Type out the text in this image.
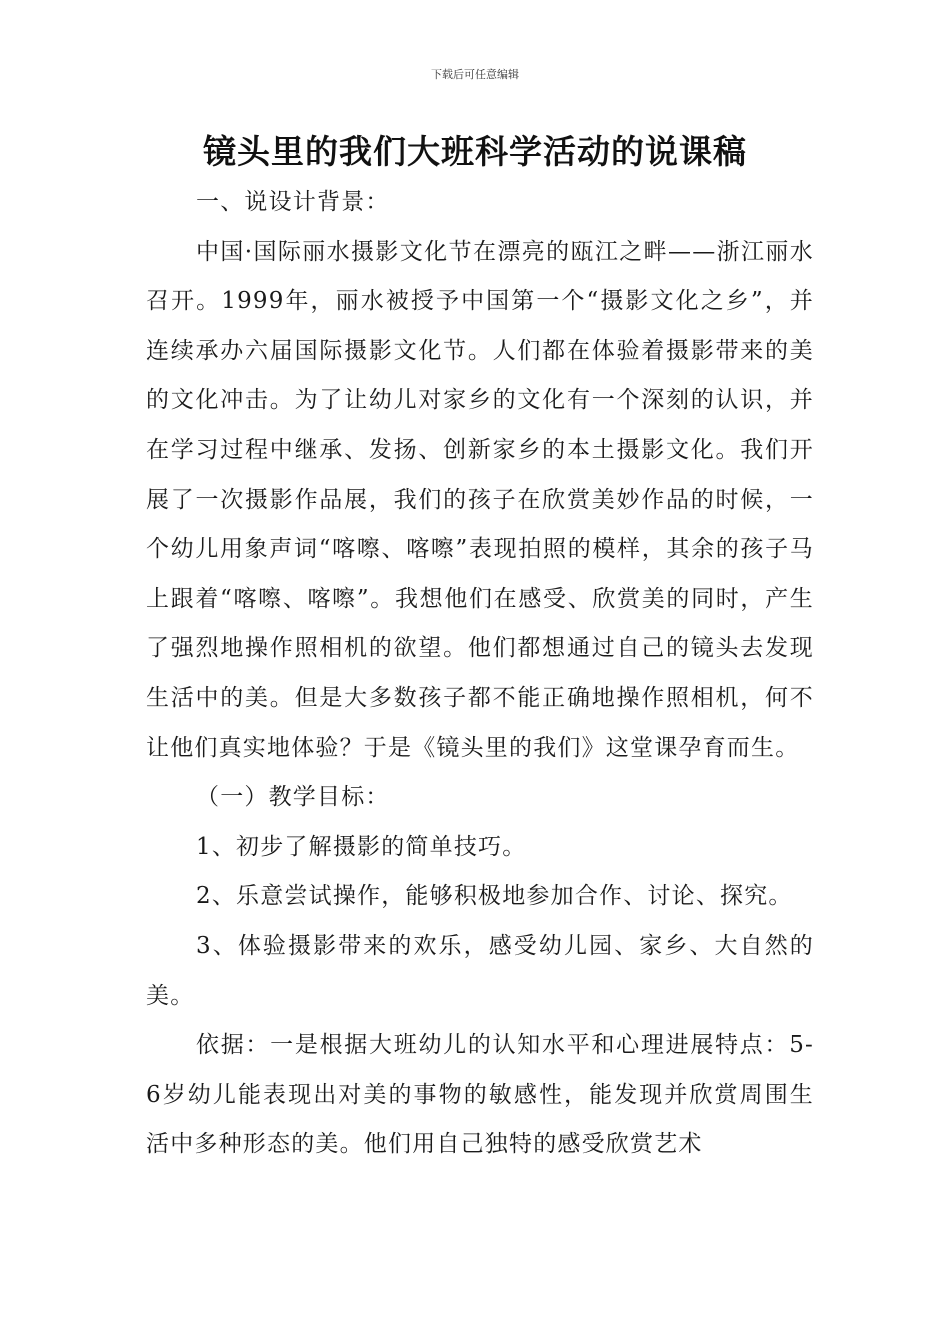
下载后可任意编辑
镜头里的我们大班科学活动的说课稿

一、说设计背景：

中国·国际丽水摄影文化节在漂亮的瓯江之畔——浙江丽水召开。1999年，丽水被授予中国第一个“摄影文化之乡”，并连续承办六届国际摄影文化节。人们都在体验着摄影带来的美的文化冲击。为了让幼儿对家乡的文化有一个深刻的认识，并在学习过程中继承、发扬、创新家乡的本土摄影文化。我们开展了一次摄影作品展，我们的孩子在欣赏美妙作品的时候，一个幼儿用象声词“喀嚓、喀嚓”表现拍照的模样，其余的孩子马上跟着“喀嚓、喀嚓”。我想他们在感受、欣赏美的同时，产生了强烈地操作照相机的欲望。他们都想通过自己的镜头去发现生活中的美。但是大多数孩子都不能正确地操作照相机，何不让他们真实地体验？于是《镜头里的我们》这堂课孕育而生。

（一）教学目标：

1、初步了解摄影的简单技巧。

2、乐意尝试操作，能够积极地参加合作、讨论、探究。

3、体验摄影带来的欢乐，感受幼儿园、家乡、大自然的美。

依据：一是根据大班幼儿的认知水平和心理进展特点：5-6岁幼儿能表现出对美的事物的敏感性，能发现并欣赏周围生活中多种形态的美。他们用自己独特的感受欣赏艺术
